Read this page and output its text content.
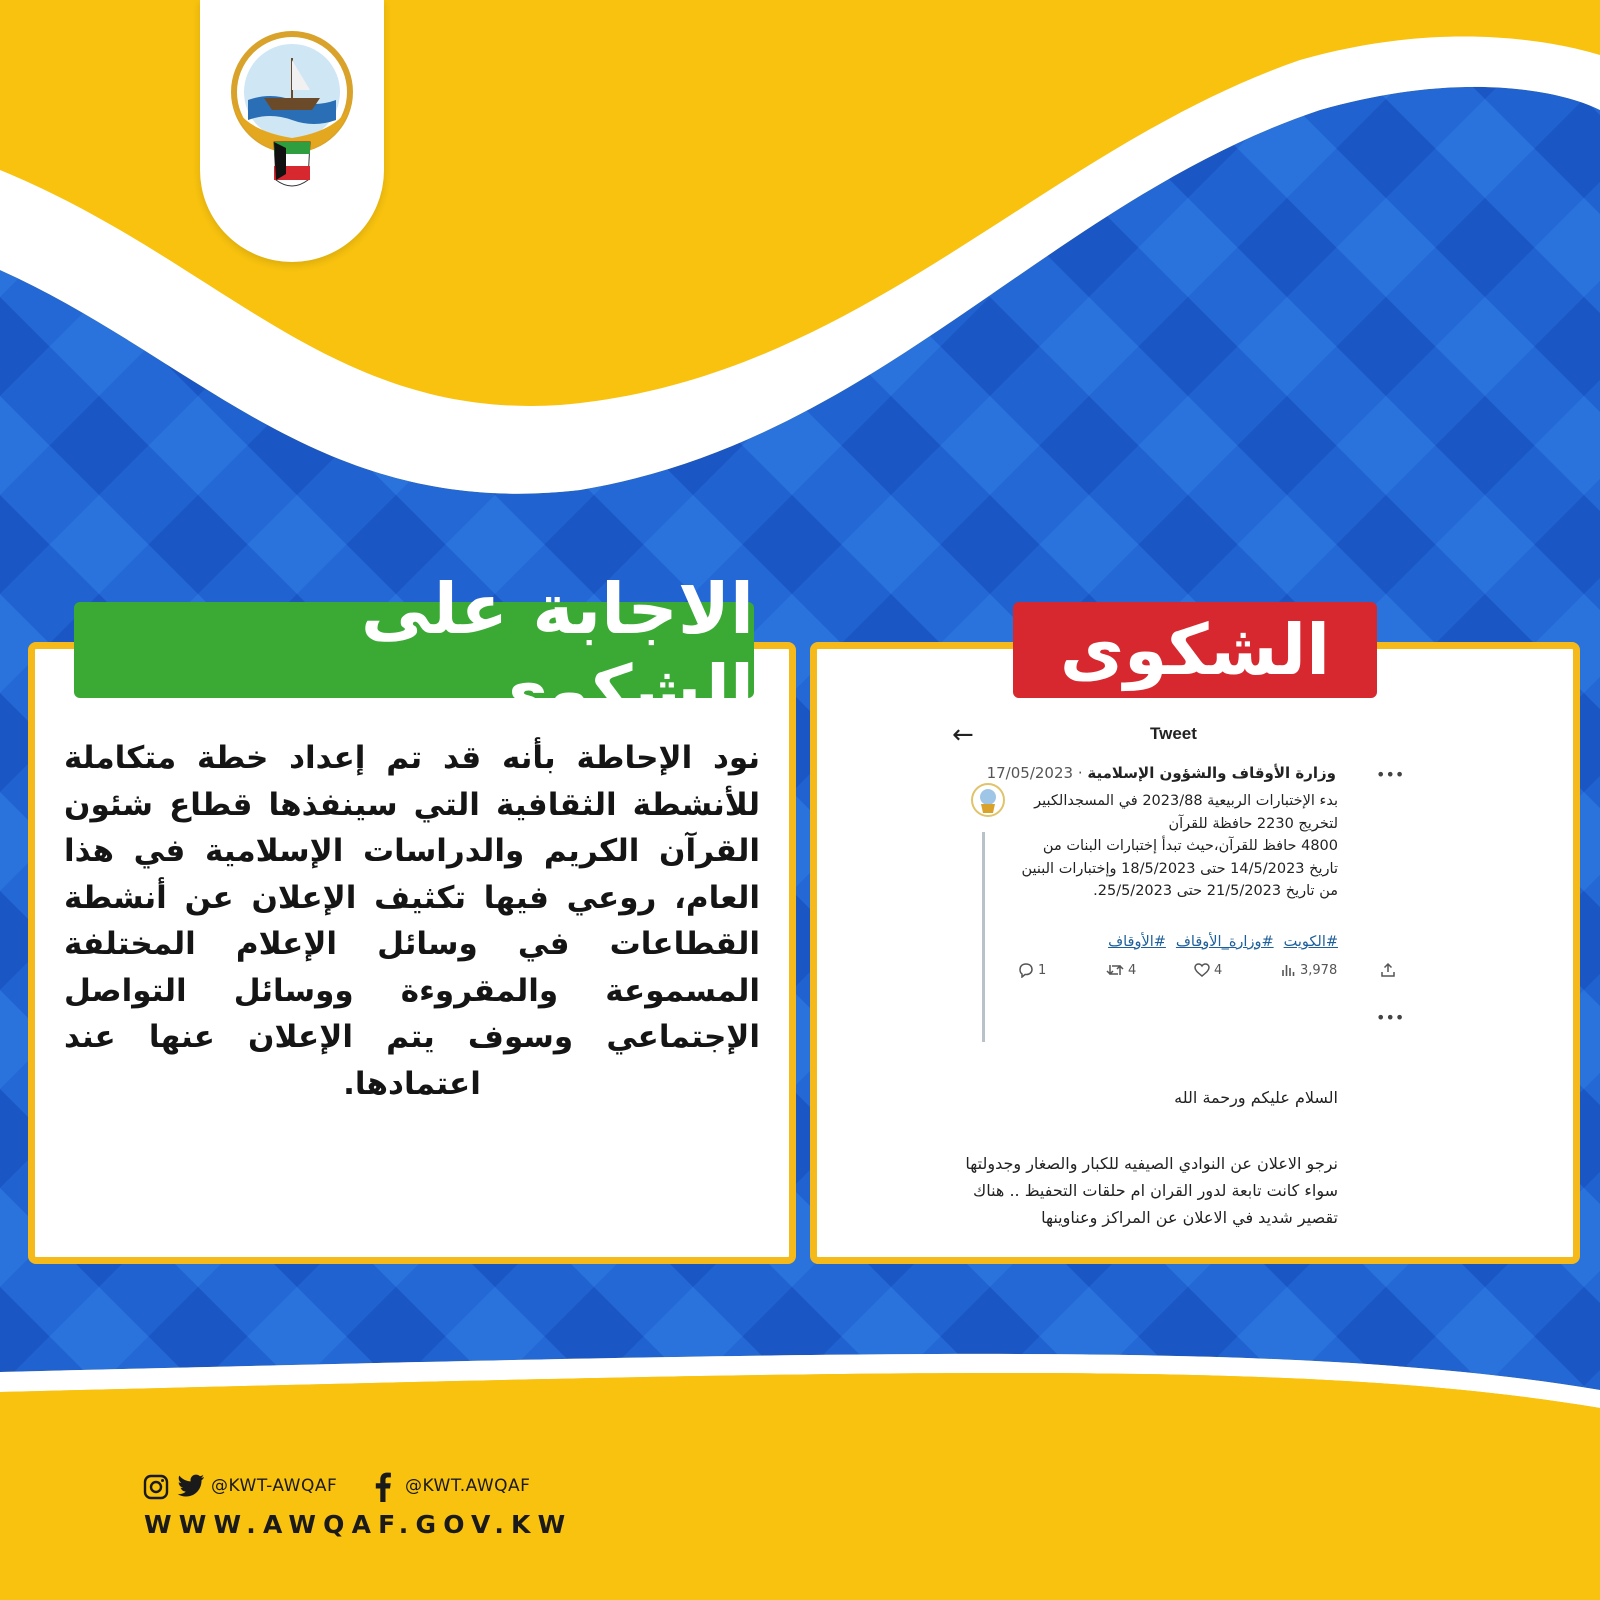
الاجابة على الشكوى
نود الإحاطة بأنه قد تم إعداد خطة متكاملة للأنشطة الثقافية التي سينفذها قطاع شئون القرآن الكريم والدراسات الإسلامية في هذا العام، روعي فيها تكثيف الإعلان عن أنشطة القطاعات في وسائل الإعلام المختلفة المسموعة والمقروءة ووسائل التواصل الإجتماعي وسوف يتم الإعلان عنها عند اعتمادها.
الشكوى
←	Tweet
•••
وزارة الأوقاف والشؤون الإسلامية · 17/05/2023
بدء الإختبارات الربيعية 2023/88 في المسجدالكبير
لتخريج 2230 حافظة للقرآن
4800 حافظ للقرآن،حيث تبدأ إختبارات البنات من
تاريخ 14/5/2023 حتى 18/5/2023 وإختبارات البنين
من تاريخ 21/5/2023 حتى 25/5/2023.
#الكويت#وزارة_الأوقاف#الأوقاف
1	4	4	3,978
•••
السلام عليكم ورحمة الله
نرجو الاعلان عن النوادي الصيفيه للكبار والصغار وجدولتها
سواء كانت تابعة لدور القران ام حلقات التحفيظ .. هناك
تقصير شديد في الاعلان عن المراكز وعناوينها
@KWT-AWQAF	@KWT.AWQAF
WWW.AWQAF.GOV.KW
